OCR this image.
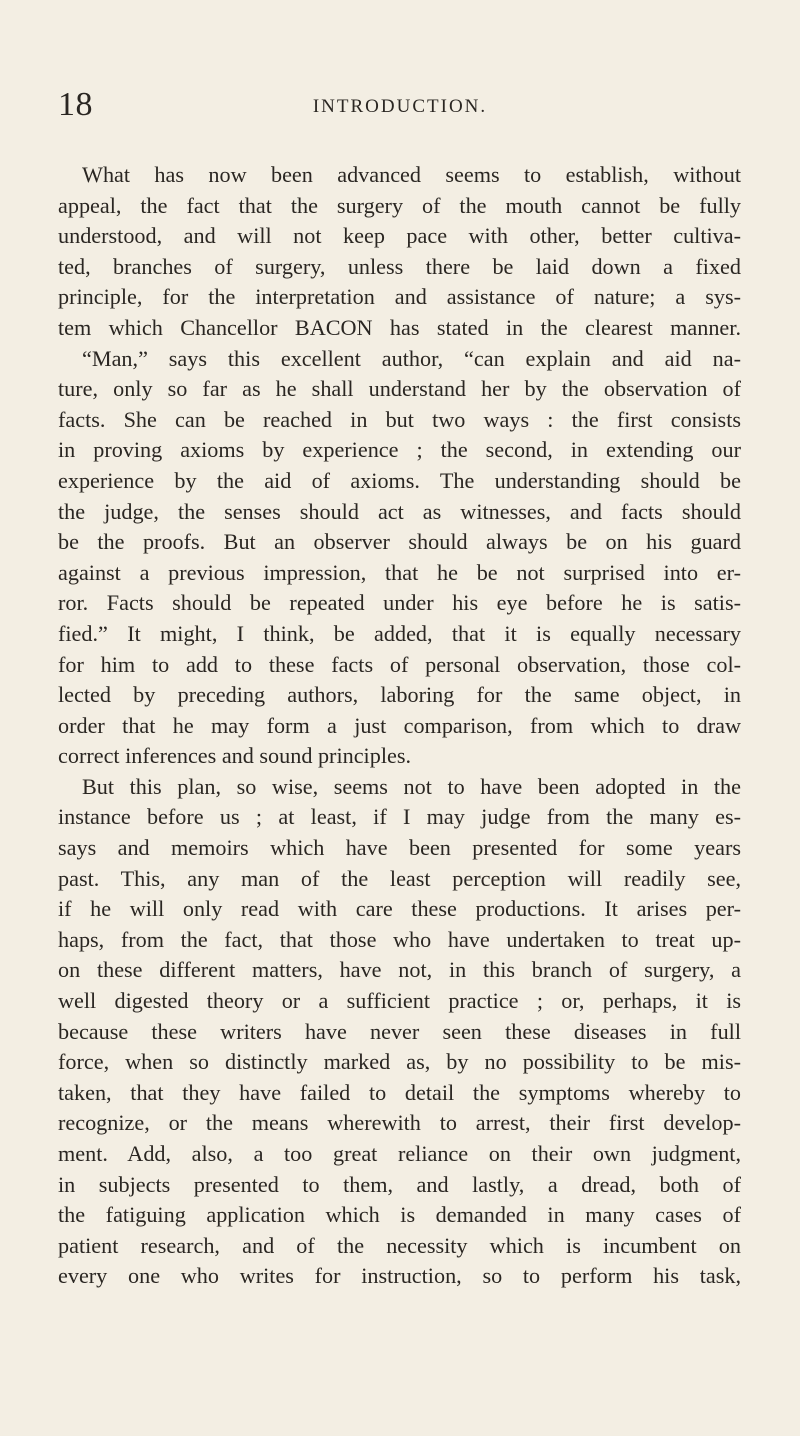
18	INTRODUCTION.
What has now been advanced seems to establish, without
appeal, the fact that the surgery of the mouth cannot be fully
understood, and will not keep pace with other, better cultiva-
ted, branches of surgery, unless there be laid down a fixed
principle, for the interpretation and assistance of nature; a sys-
tem which Chancellor BACON has stated in the clearest manner.
“Man,” says this excellent author, “can explain and aid na-
ture, only so far as he shall understand her by the observation of
facts. She can be reached in but two ways : the first consists
in proving axioms by experience ; the second, in extending our
experience by the aid of axioms. The understanding should be
the judge, the senses should act as witnesses, and facts should
be the proofs. But an observer should always be on his guard
against a previous impression, that he be not surprised into er-
ror. Facts should be repeated under his eye before he is satis-
fied.” It might, I think, be added, that it is equally necessary
for him to add to these facts of personal observation, those col-
lected by preceding authors, laboring for the same object, in
order that he may form a just comparison, from which to draw
correct inferences and sound principles.
But this plan, so wise, seems not to have been adopted in the
instance before us ; at least, if I may judge from the many es-
says and memoirs which have been presented for some years
past. This, any man of the least perception will readily see,
if he will only read with care these productions. It arises per-
haps, from the fact, that those who have undertaken to treat up-
on these different matters, have not, in this branch of surgery, a
well digested theory or a sufficient practice ; or, perhaps, it is
because these writers have never seen these diseases in full
force, when so distinctly marked as, by no possibility to be mis-
taken, that they have failed to detail the symptoms whereby to
recognize, or the means wherewith to arrest, their first develop-
ment. Add, also, a too great reliance on their own judgment,
in subjects presented to them, and lastly, a dread, both of
the fatiguing application which is demanded in many cases of
patient research, and of the necessity which is incumbent on
every one who writes for instruction, so to perform his task,
